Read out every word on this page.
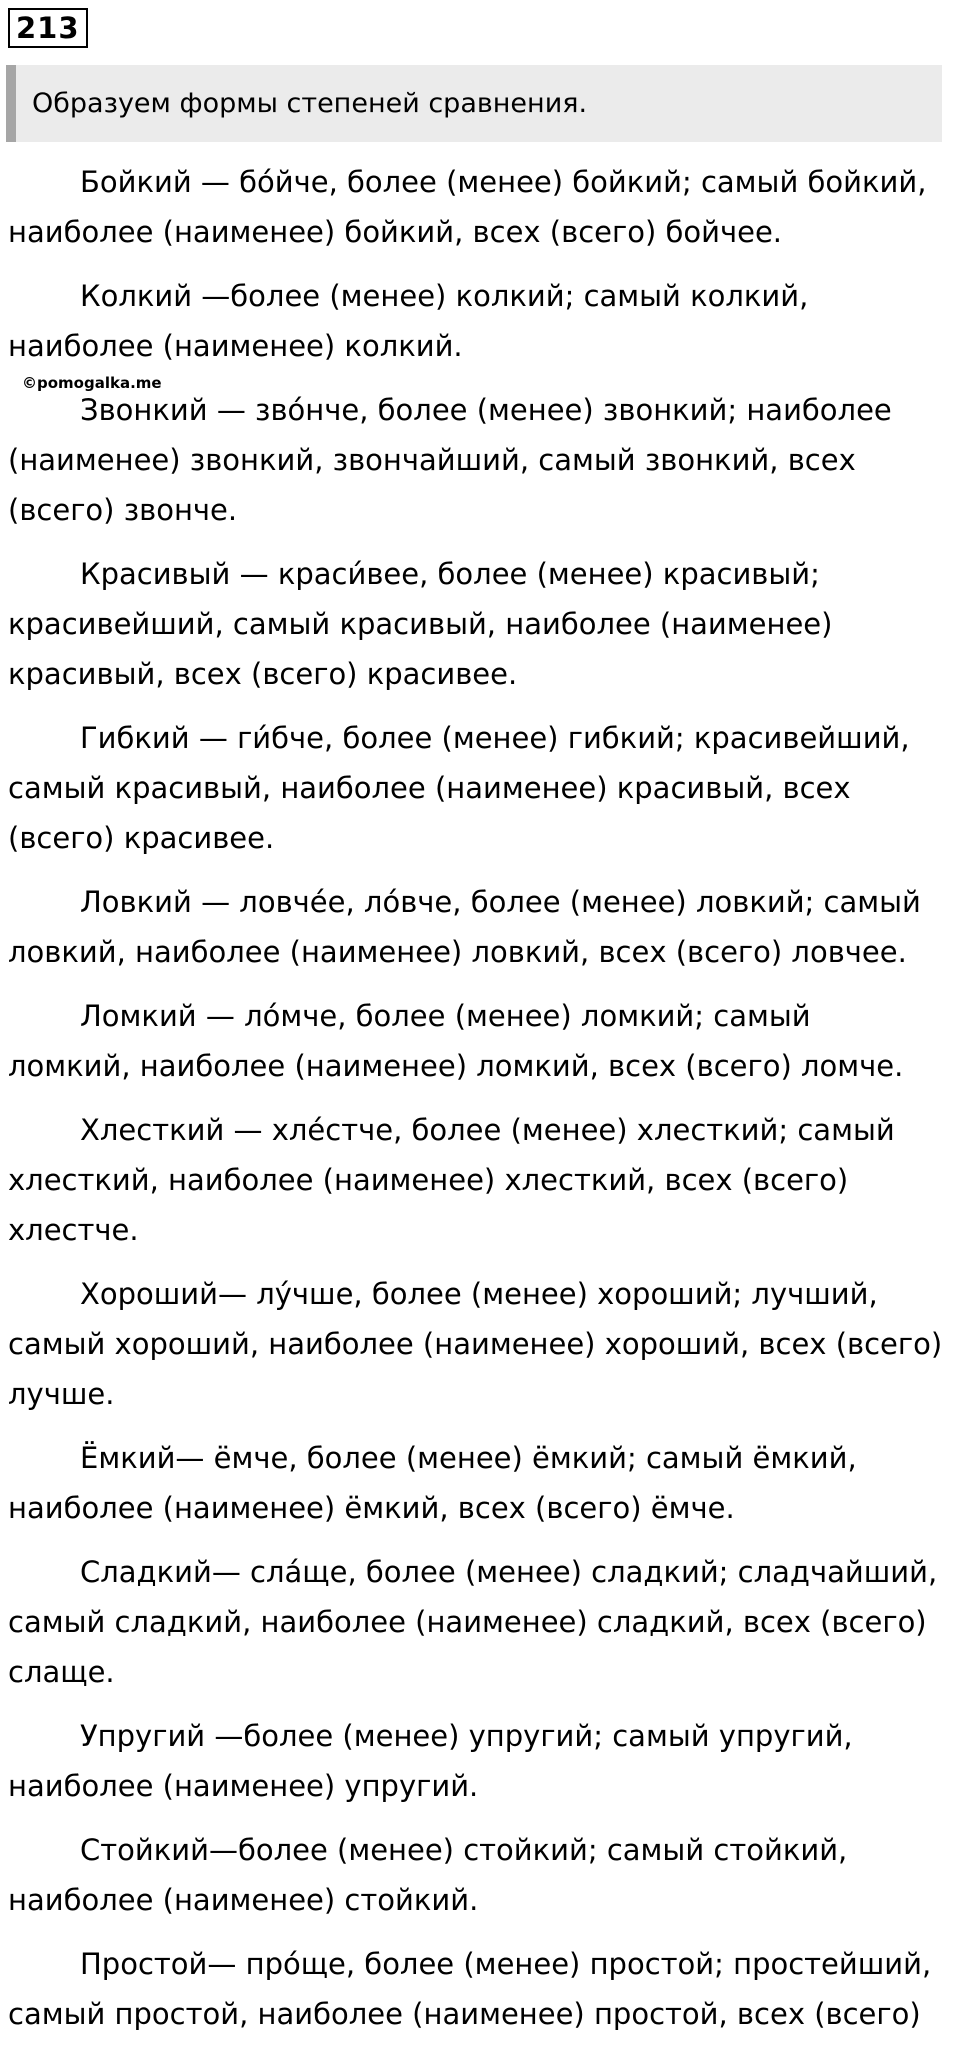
213
Образуем формы степеней сравнения.
©pomogalka.me

Бойкий — бо́йче, более (менее) бойкий; самый бойкий,
наиболее (наименее) бойкий, всех (всего) бойчее.

Колкий —более (менее) колкий; самый колкий,
наиболее (наименее) колкий.

Звонкий — зво́нче, более (менее) звонкий; наиболее
(наименее) звонкий, звончайший, самый звонкий, всех
(всего) звонче.

Красивый — краси́вее, более (менее) красивый;
красивейший, самый красивый, наиболее (наименее)
красивый, всех (всего) красивее.

Гибкий — ги́бче, более (менее) гибкий; красивейший,
самый красивый, наиболее (наименее) красивый, всех
(всего) красивее.

Ловкий — ловче́е, ло́вче, более (менее) ловкий; самый
ловкий, наиболее (наименее) ловкий, всех (всего) ловчее.

Ломкий — ло́мче, более (менее) ломкий; самый
ломкий, наиболее (наименее) ломкий, всех (всего) ломче.

Хлесткий — хле́стче, более (менее) хлесткий; самый
хлесткий, наиболее (наименее) хлесткий, всех (всего)
хлестче.

Хороший— лу́чше, более (менее) хороший; лучший,
самый хороший, наиболее (наименее) хороший, всех (всего)
лучше.

Ёмкий— ёмче, более (менее) ёмкий; самый ёмкий,
наиболее (наименее) ёмкий, всех (всего) ёмче.

Сладкий— сла́ще, более (менее) сладкий; сладчайший,
самый сладкий, наиболее (наименее) сладкий, всех (всего)
слаще.

Упругий —более (менее) упругий; самый упругий,
наиболее (наименее) упругий.

Стойкий—более (менее) стойкий; самый стойкий,
наиболее (наименее) стойкий.

Простой— про́ще, более (менее) простой; простейший,
самый простой, наиболее (наименее) простой, всех (всего)
